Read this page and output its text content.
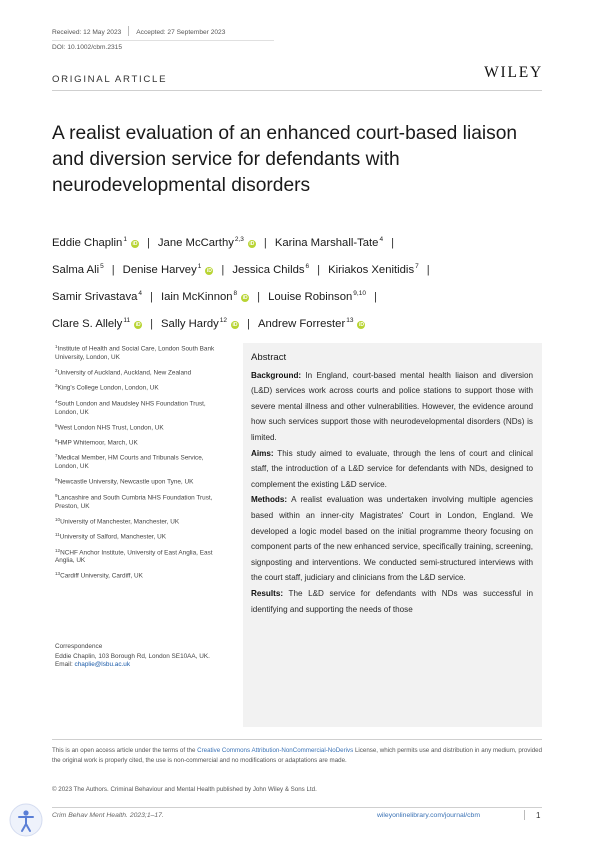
Received: 12 May 2023 Accepted: 27 September 2023
DOI: 10.1002/cbm.2315
ORIGINAL ARTICLE	WILEY
A realist evaluation of an enhanced court-based liaison and diversion service for defendants with neurodevelopmental disorders
Eddie Chaplin$^1$iD | Jane McCarthy$^{2,3}$iD | Karina Marshall-Tate$^4$ |
Salma Ali$^5$ | Denise Harvey$^1$iD | Jessica Childs$^6$ | Kiriakos Xenitidis$^7$ |
Samir Srivastava$^4$ | Iain McKinnon$^8$iD | Louise Robinson$^{9,10}$ |
Clare S. Allely$^{11}$iD | Sally Hardy$^{12}$iD | Andrew Forrester$^{13}$iD

$^1$Institute of Health and Social Care, London South Bank University, London, UK

$^2$University of Auckland, Auckland, New Zealand

$^3$King's College London, London, UK

$^4$South London and Maudsley NHS Foundation Trust, London, UK

$^5$West London NHS Trust, London, UK

$^6$HMP Whitemoor, March, UK

$^7$Medical Member, HM Courts and Tribunals Service, London, UK

$^8$Newcastle University, Newcastle upon Tyne, UK

$^9$Lancashire and South Cumbria NHS Foundation Trust, Preston, UK

$^{10}$University of Manchester, Manchester, UK

$^{11}$University of Salford, Manchester, UK

$^{12}$NCHF Anchor Institute, University of East Anglia, East Anglia, UK

$^{13}$Cardiff University, Cardiff, UK

Correspondence

Eddie Chaplin, 103 Borough Rd, London SE10AA, UK.

Email: chaplie@lsbu.ac.uk

Abstract

Background: In England, court-based mental health liaison and diversion (L&D) services work across courts and police stations to support those with severe mental illness and other vulnerabilities. However, the evidence around how such services support those with neurodevelopmental disorders (NDs) is limited.

Aims: This study aimed to evaluate, through the lens of court and clinical staff, the introduction of a L&D service for defendants with NDs, designed to complement the existing L&D service.

Methods: A realist evaluation was undertaken involving multiple agencies based within an inner-city Magistrates' Court in London, England. We developed a logic model based on the initial programme theory focusing on component parts of the new enhanced service, specifically training, screening, signposting and interventions. We conducted semi-structured interviews with the court staff, judiciary and clinicians from the L&D service.

Results: The L&D service for defendants with NDs was successful in identifying and supporting the needs of those

This is an open access article under the terms of the Creative Commons Attribution-NonCommercial-NoDerivs License, which permits use and distribution in any medium, provided the original work is properly cited, the use is non-commercial and no modifications or adaptations are made.
© 2023 The Authors. Criminal Behaviour and Mental Health published by John Wiley & Sons Ltd.
Crim Behav Ment Health. 2023;1–17.	wileyonlinelibrary.com/journal/cbm	1
